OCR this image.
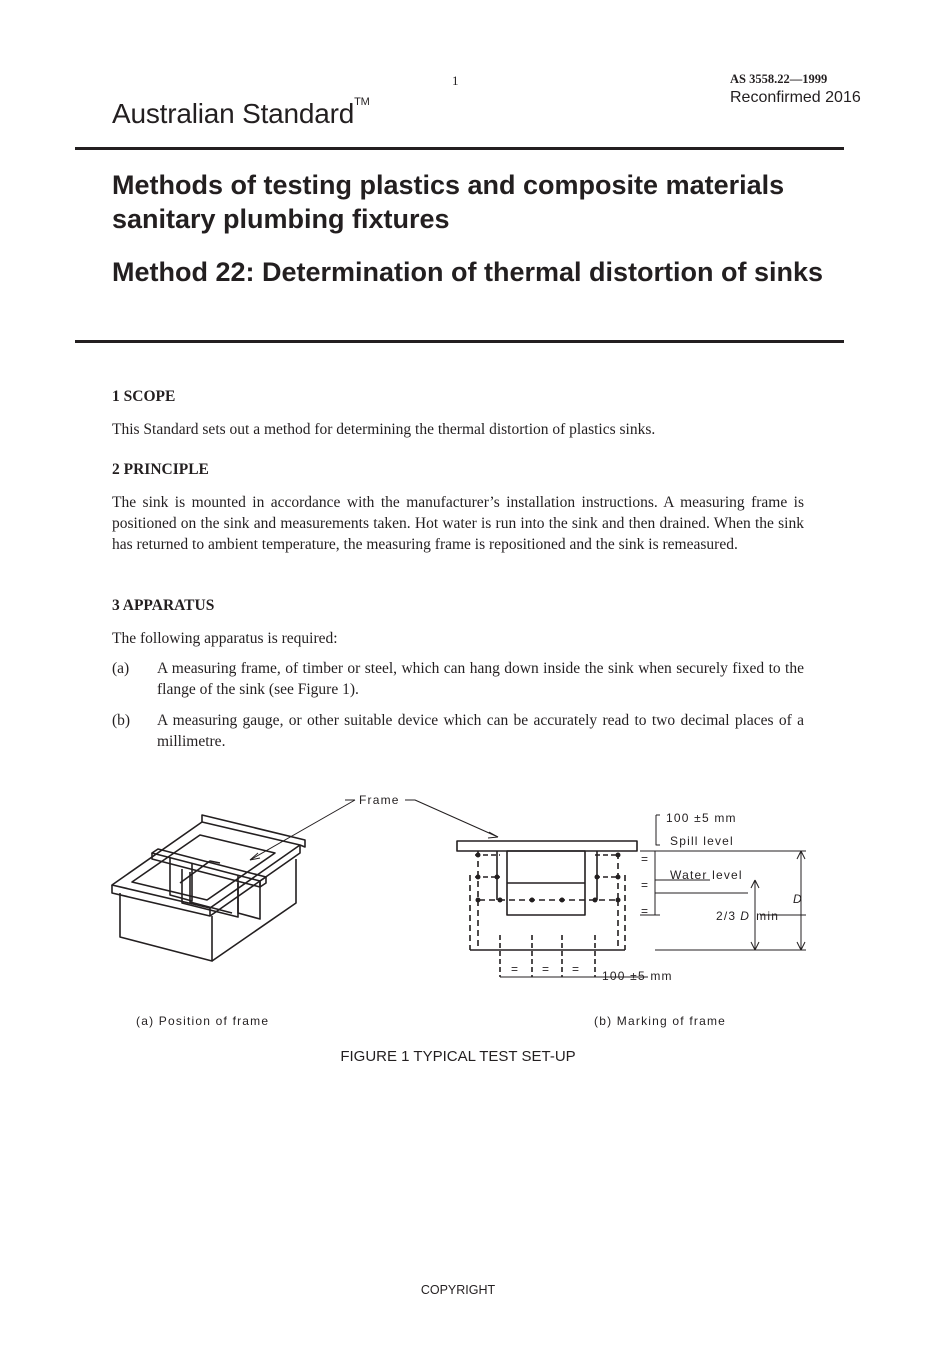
1	AS 3558.22—1999
Reconfirmed 2016
Australian Standard™
Methods of testing plastics and composite materials sanitary plumbing fixtures
Method 22: Determination of thermal distortion of sinks
1 SCOPE
This Standard sets out a method for determining the thermal distortion of plastics sinks.
2 PRINCIPLE
The sink is mounted in accordance with the manufacturer’s installation instructions. A measuring frame is positioned on the sink and measurements taken. Hot water is run into the sink and then drained. When the sink has returned to ambient temperature, the measuring frame is repositioned and the sink is remeasured.
3 APPARATUS
The following apparatus is required:
(a) A measuring frame, of timber or steel, which can hang down inside the sink when securely fixed to the flange of the sink (see Figure 1).
(b) A measuring gauge, or other suitable device which can be accurately read to two decimal places of a millimetre.
Frame
100 ±5 mm
Spill level
Water level
=
=
=
D
2/3 D min
= = = 100 ±5 mm
(a) Position of frame	(b) Marking of frame
FIGURE 1 TYPICAL TEST SET-UP
COPYRIGHT
